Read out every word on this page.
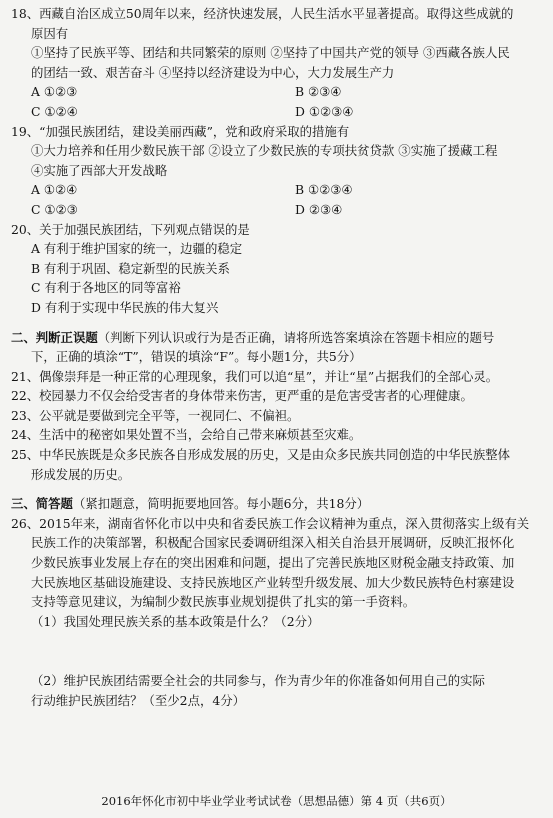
18、西藏自治区成立50周年以来，经济快速发展，人民生活水平显著提高。取得这些成就的
原因有
①坚持了民族平等、团结和共同繁荣的原则 ②坚持了中国共产党的领导 ③西藏各族人民
的团结一致、艰苦奋斗 ④坚持以经济建设为中心，大力发展生产力
A ①②③	B ②③④
C ①②④	D ①②③④
19、“加强民族团结，建设美丽西藏”，党和政府采取的措施有
①大力培养和任用少数民族干部 ②设立了少数民族的专项扶贫贷款 ③实施了援藏工程
④实施了西部大开发战略
A ①②④	B ①②③④
C ①②③	D ②③④
20、关于加强民族团结，下列观点错误的是
A 有利于维护国家的统一，边疆的稳定
B 有利于巩固、稳定新型的民族关系
C 有利于各地区的同等富裕
D 有利于实现中华民族的伟大复兴
二、判断正误题（判断下列认识或行为是否正确，请将所选答案填涂在答题卡相应的题号
下，正确的填涂“T”，错误的填涂“F”。每小题1分，共5分）
21、偶像崇拜是一种正常的心理现象，我们可以追“星”，并让“星”占据我们的全部心灵。
22、校园暴力不仅会给受害者的身体带来伤害，更严重的是危害受害者的心理健康。
23、公平就是要做到完全平等，一视同仁、不偏袒。
24、生活中的秘密如果处置不当，会给自己带来麻烦甚至灾难。
25、中华民族既是众多民族各自形成发展的历史，又是由众多民族共同创造的中华民族整体
形成发展的历史。
三、简答题（紧扣题意，简明扼要地回答。每小题6分，共18分）
26、2015年来，湖南省怀化市以中央和省委民族工作会议精神为重点，深入贯彻落实上级有关
民族工作的决策部署，积极配合国家民委调研组深入相关自治县开展调研，反映汇报怀化
少数民族事业发展上存在的突出困难和问题，提出了完善民族地区财税金融支持政策、加
大民族地区基础设施建设、支持民族地区产业转型升级发展、加大少数民族特色村寨建设
支持等意见建议，为编制少数民族事业规划提供了扎实的第一手资料。
（1）我国处理民族关系的基本政策是什么？（2分）
（2）维护民族团结需要全社会的共同参与，作为青少年的你准备如何用自己的实际
行动维护民族团结？（至少2点，4分）
2016年怀化市初中毕业学业考试试卷（思想品德）第 4 页（共6页）
